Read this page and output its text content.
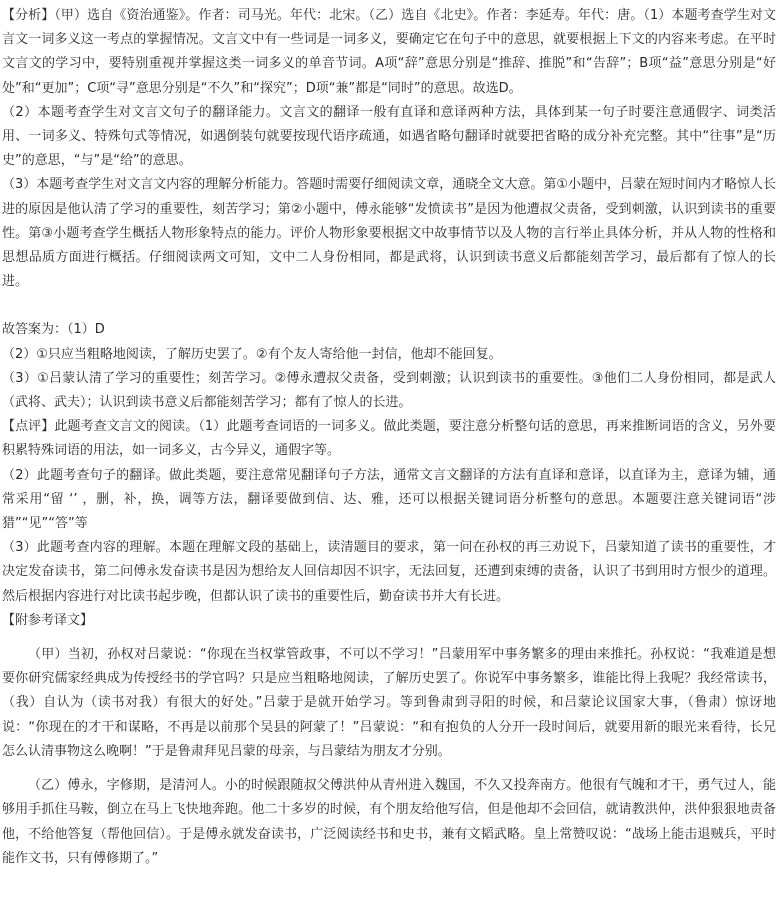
【分析】（甲）选自《资治通鉴》。作者：司马光。年代：北宋。（乙）选自《北史》。作者：李延寿。年代：唐。（1）本题考查学生对文言文一词多义这一考点的掌握情况。文言文中有一些词是一词多义，要确定它在句子中的意思，就要根据上下文的内容来考虑。在平时文言文的学习中，要特别重视并掌握这类一词多义的单音节词。A项“辞”意思分别是“推辞、推脱”和“告辞”；B项“益”意思分别是“好处”和“更加”；C项“寻”意思分别是“不久”和“探究”；D项“兼”都是“同时”的意思。故选D。

（2）本题考查学生对文言文句子的翻译能力。文言文的翻译一般有直译和意译两种方法，具体到某一句子时要注意通假字、词类活用、一词多义、特殊句式等情况，如遇倒装句就要按现代语序疏通，如遇省略句翻译时就要把省略的成分补充完整。其中“往事”是“历史”的意思，“与”是“给”的意思。

（3）本题考查学生对文言文内容的理解分析能力。答题时需要仔细阅读文章，通晓全文大意。第①小题中，吕蒙在短时间内才略惊人长进的原因是他认清了学习的重要性，刻苦学习；第②小题中，傅永能够“发愤读书”是因为他遭叔父责备，受到刺激，认识到读书的重要性。第③小题考查学生概括人物形象特点的能力。评价人物形象要根据文中故事情节以及人物的言行举止具体分析，并从人物的性格和思想品质方面进行概括。仔细阅读两文可知，文中二人身份相同，都是武将，认识到读书意义后都能刻苦学习，最后都有了惊人的长进。

故答案为：（1）D

（2）①只应当粗略地阅读，了解历史罢了。②有个友人寄给他一封信，他却不能回复。

（3）①吕蒙认清了学习的重要性；刻苦学习。②傅永遭叔父责备，受到刺激；认识到读书的重要性。③他们二人身份相同，都是武人（武将、武夫）；认识到读书意义后都能刻苦学习；都有了惊人的长进。

【点评】此题考查文言文的阅读。（1）此题考查词语的一词多义。做此类题，要注意分析整句话的意思，再来推断词语的含义，另外要积累特殊词语的用法，如一词多义，古今异义，通假字等。

（2）此题考查句子的翻译。做此类题，要注意常见翻译句子方法，通常文言文翻译的方法有直译和意译，以直译为主，意译为辅，通常采用“留 ‘’ ，删，补，换，调等方法，翻译要做到信、达、雅，还可以根据关键词语分析整句的意思。本题要注意关键词语“涉猎”“见”“答”等

（3）此题考查内容的理解。本题在理解文段的基础上，读清题目的要求，第一问在孙权的再三劝说下，吕蒙知道了读书的重要性，才决定发奋读书，第二问傅永发奋读书是因为想给友人回信却因不识字，无法回复，还遭到束缚的责备，认识了书到用时方恨少的道理。然后根据内容进行对比读书起步晚，但都认识了读书的重要性后，勤奋读书并大有长进。

【附参考译文】

（甲）当初，孙权对吕蒙说：“你现在当权掌管政事，不可以不学习！”吕蒙用军中事务繁多的理由来推托。孙权说：“我难道是想要你研究儒家经典成为传授经书的学官吗？只是应当粗略地阅读，了解历史罢了。你说军中事务繁多，谁能比得上我呢？我经常读书，（我）自认为（读书对我）有很大的好处。”吕蒙于是就开始学习。等到鲁肃到寻阳的时候，和吕蒙论议国家大事，（鲁肃）惊讶地说：“你现在的才干和谋略，不再是以前那个吴县的阿蒙了！”吕蒙说：“和有抱负的人分开一段时间后，就要用新的眼光来看待，长兄怎么认清事物这么晚啊！”于是鲁肃拜见吕蒙的母亲，与吕蒙结为朋友才分别。

（乙）傅永，字修期，是清河人。小的时候跟随叔父傅洪仲从青州进入魏国，不久又投奔南方。他很有气魄和才干，勇气过人，能够用手抓住马鞍，倒立在马上飞快地奔跑。他二十多岁的时候，有个朋友给他写信，但是他却不会回信，就请教洪仲，洪仲狠狠地责备他，不给他答复（帮他回信）。于是傅永就发奋读书，广泛阅读经书和史书，兼有文韬武略。皇上常赞叹说：“战场上能击退贼兵，平时能作文书，只有傅修期了。”
